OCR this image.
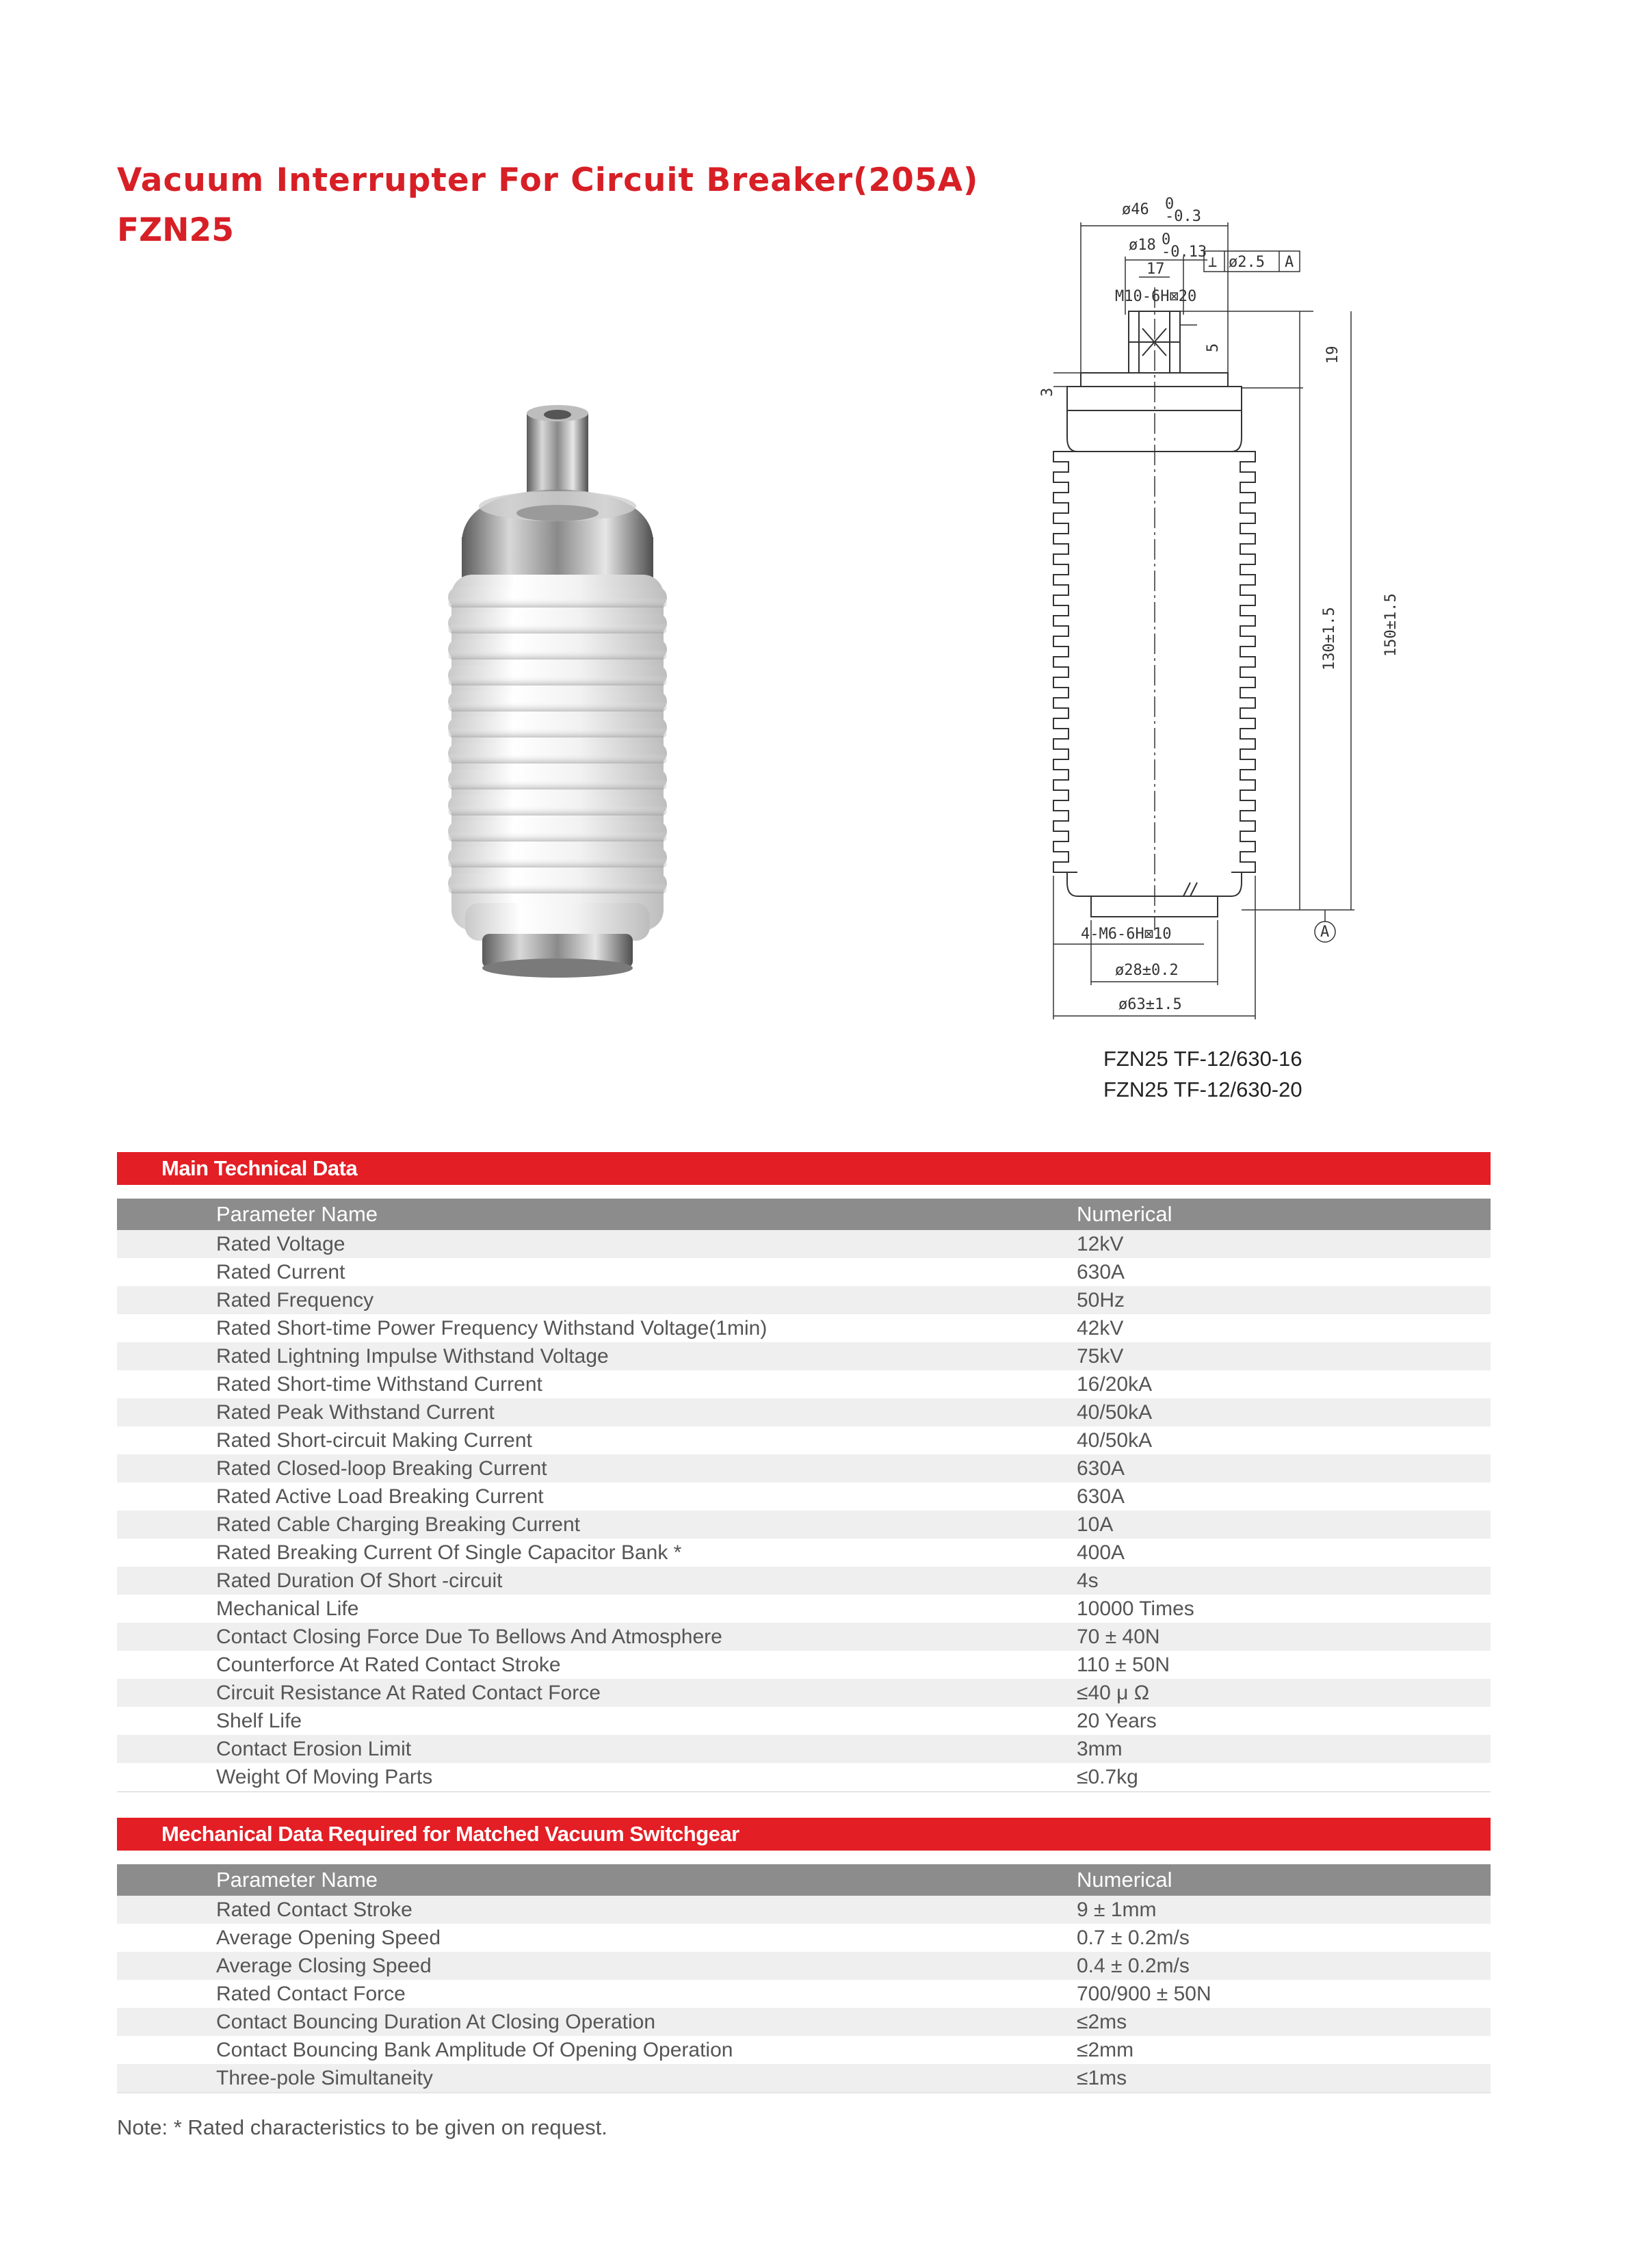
Vacuum Interrupter For Circuit Breaker(205A)
FZN25
ø46 0
-0.3
ø18 0
-0.13
17
M10-6H⊠20
⊥ ø2.5 A
5	19
3
130±1.5	150±1.5
4-M6-6H⊠10	A
ø28±0.2
ø63±1.5
FZN25 TF-12/630-16
FZN25 TF-12/630-20
Main Technical Data
Parameter Name	Numerical
Rated Voltage	12kV
Rated Current	630A
Rated Frequency	50Hz
Rated Short-time Power Frequency Withstand Voltage(1min)	42kV
Rated Lightning Impulse Withstand Voltage	75kV
Rated Short-time Withstand Current	16/20kA
Rated Peak Withstand Current	40/50kA
Rated Short-circuit Making Current	40/50kA
Rated Closed-loop Breaking Current	630A
Rated Active Load Breaking Current	630A
Rated Cable Charging Breaking Current	10A
Rated Breaking Current Of Single Capacitor Bank *	400A
Rated Duration Of Short -circuit	4s
Mechanical Life	10000 Times
Contact Closing Force Due To Bellows And Atmosphere	70 ± 40N
Counterforce At Rated Contact Stroke	110 ± 50N
Circuit Resistance At Rated Contact Force	≤40 μ Ω
Shelf Life	20 Years
Contact Erosion Limit	3mm
Weight Of Moving Parts	≤0.7kg
Mechanical Data Required for Matched Vacuum Switchgear
Parameter Name	Numerical
Rated Contact Stroke	9 ± 1mm
Average Opening Speed	0.7 ± 0.2m/s
Average Closing Speed	0.4 ± 0.2m/s
Rated Contact Force	700/900 ± 50N
Contact Bouncing Duration At Closing Operation	≤2ms
Contact Bouncing Bank Amplitude Of Opening Operation	≤2mm
Three-pole Simultaneity	≤1ms
Note: * Rated characteristics to be given on request.
